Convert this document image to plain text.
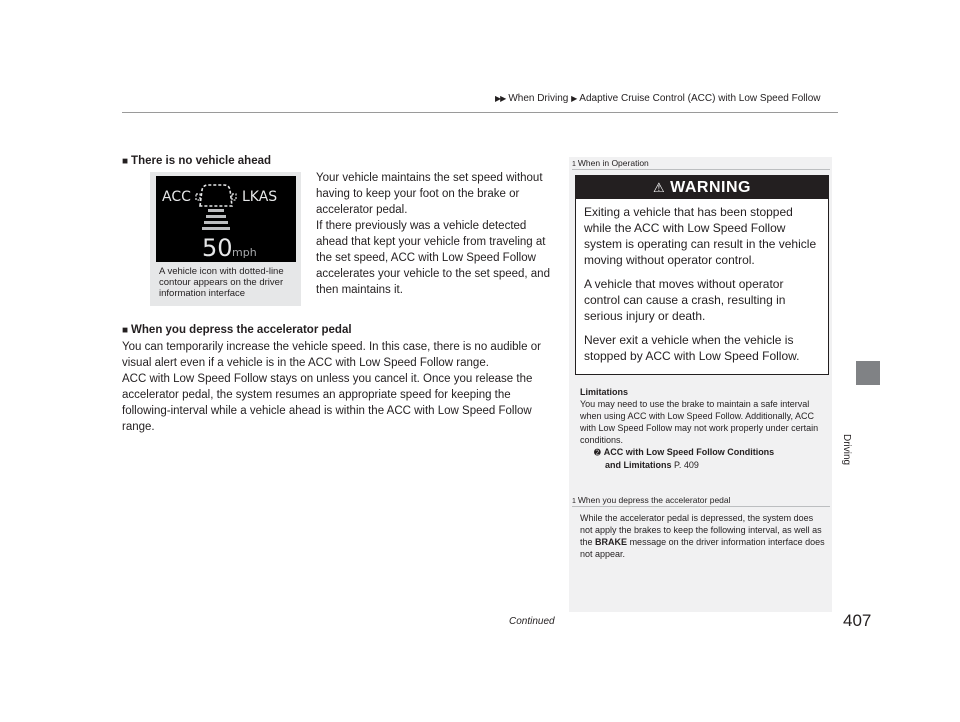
▶▶ When Driving ▶ Adaptive Cruise Control (ACC) with Low Speed Follow
Driving
■ There is no vehicle ahead
ACC	LKAS
50 mph
A vehicle icon with dotted-line contour appears on the driver information interface

Your vehicle maintains the set speed without having to keep your foot on the brake or accelerator pedal.

If there previously was a vehicle detected ahead that kept your vehicle from traveling at the set speed, ACC with Low Speed Follow accelerates your vehicle to the set speed, and then maintains it.

■ When you depress the accelerator pedal

You can temporarily increase the vehicle speed. In this case, there is no audible or visual alert even if a vehicle is in the ACC with Low Speed Follow range.

ACC with Low Speed Follow stays on unless you cancel it. Once you release the accelerator pedal, the system resumes an appropriate speed for keeping the following-interval while a vehicle ahead is within the ACC with Low Speed Follow range.

1 When in Operation
⚠ WARNING
Exiting a vehicle that has been stopped while the ACC with Low Speed Follow system is operating can result in the vehicle moving without operator control.
A vehicle that moves without operator control can cause a crash, resulting in serious injury or death.
Never exit a vehicle when the vehicle is stopped by ACC with Low Speed Follow.

Limitations

You may need to use the brake to maintain a safe interval when using ACC with Low Speed Follow. Additionally, ACC with Low Speed Follow may not work properly under certain conditions.

➋ ACC with Low Speed Follow Conditions

and Limitations P. 409

1 When you depress the accelerator pedal

While the accelerator pedal is depressed, the system does not apply the brakes to keep the following interval, as well as the BRAKE message on the driver information interface does not appear.

Continued	407
